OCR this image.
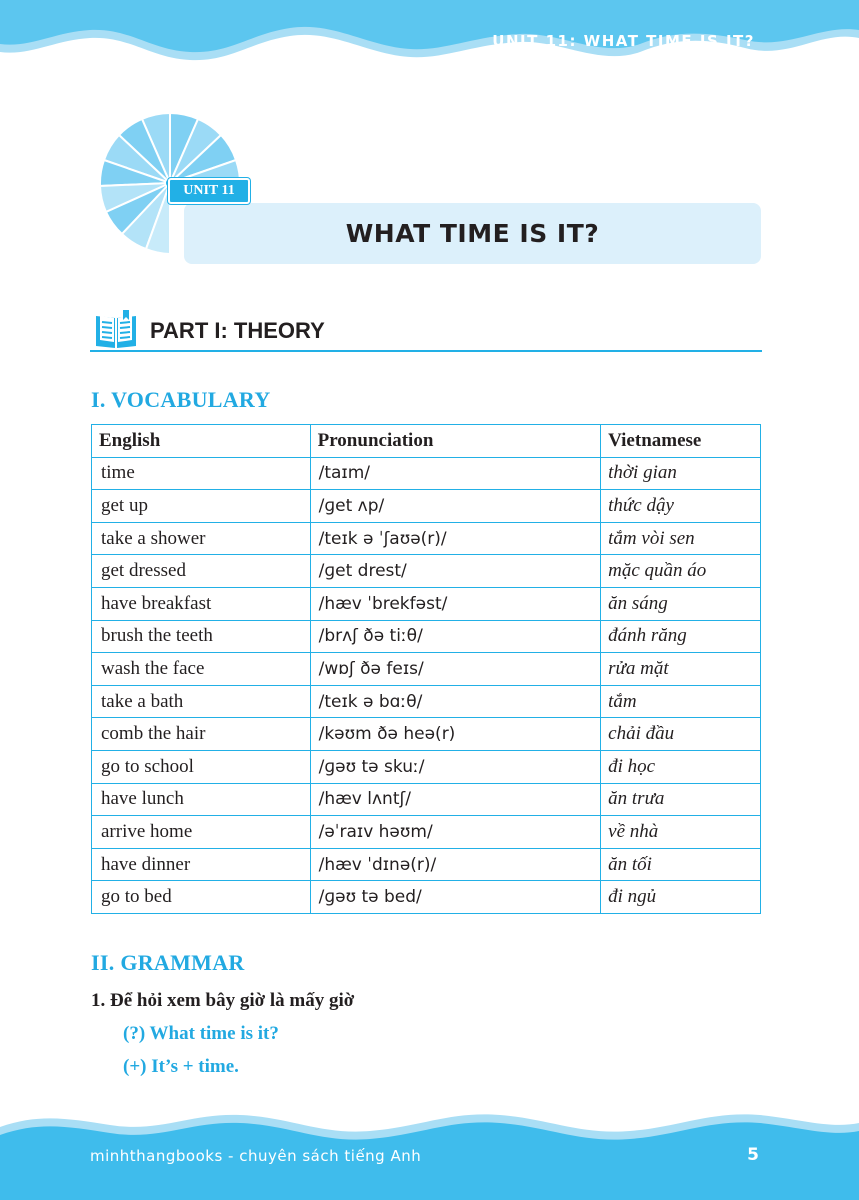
UNIT 11: WHAT TIME IS IT?
UNIT 11
WHAT TIME IS IT?
PART I: THEORY
I. VOCABULARY
English	Pronunciation	Vietnamese
time	/taɪm/	thời gian
get up	/ɡet ʌp/	thức dậy
take a shower	/teɪk ə ˈʃaʊə(r)/	tắm vòi sen
get dressed	/ɡet drest/	mặc quần áo
have breakfast	/hæv ˈbrekfəst/	ăn sáng
brush the teeth	/brʌʃ ðə tiːθ/	đánh răng
wash the face	/wɒʃ ðə feɪs/	rửa mặt
take a bath	/teɪk ə bɑːθ/	tắm
comb the hair	/kəʊm ðə heə(r)	chải đầu
go to school	/ɡəʊ tə skuː/	đi học
have lunch	/hæv lʌntʃ/	ăn trưa
arrive home	/əˈraɪv həʊm/	về nhà
have dinner	/hæv ˈdɪnə(r)/	ăn tối
go to bed	/ɡəʊ tə bed/	đi ngủ
II. GRAMMAR
1. Để hỏi xem bây giờ là mấy giờ
(?) What time is it?
(+) It’s + time.
minhthangbooks - chuyên sách tiếng Anh	5
